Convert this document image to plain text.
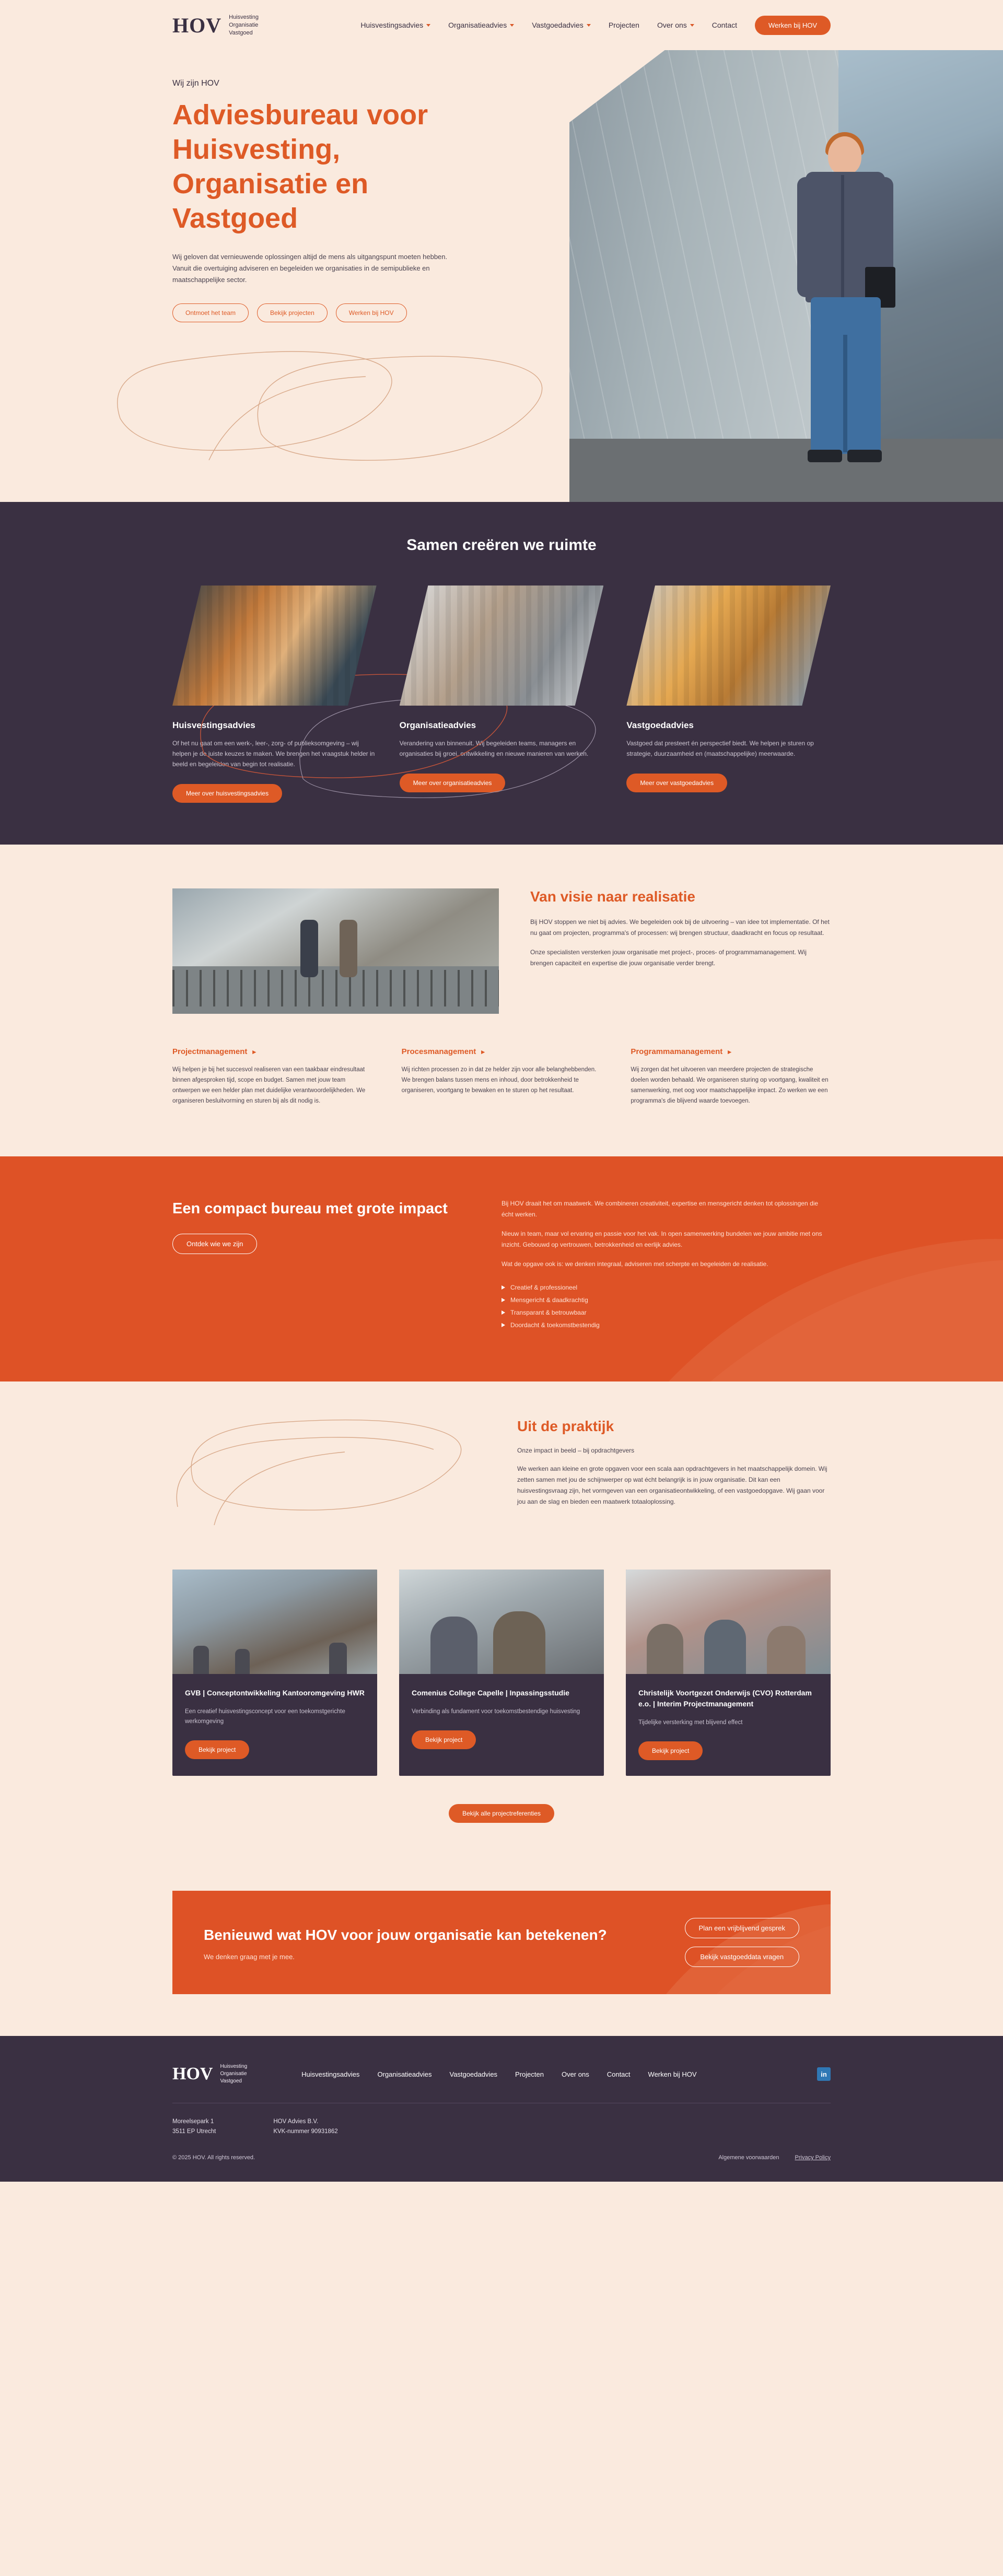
HOV Huisvesting
Organisatie
Vastgoed
Huisvestingsadvies	Organisatieadvies	Vastgoedadvies	Projecten Over ons	Contact	Werken bij HOV
Wij zijn HOV
Adviesbureau voor Huisvesting, Organisatie en Vastgoed

Wij geloven dat vernieuwende oplossingen altijd de mens als uitgangspunt moeten hebben. Vanuit die overtuiging adviseren en begeleiden we organisaties in de semipublieke en maatschappelijke sector.

Ontmoet het team	Bekijk projecten	Werken bij HOV
Samen creëren we ruimte
Huisvestingsadvies

Of het nu gaat om een werk-, leer-, zorg- of publieksomgeving – wij helpen je de juiste keuzes te maken. We brengen het vraagstuk helder in beeld en begeleiden van begin tot realisatie.

Meer over huisvestingsadvies
Organisatieadvies

Verandering van binnenuit. Wij begeleiden teams, managers en organisaties bij groei, ontwikkeling en nieuwe manieren van werken.

Meer over organisatieadvies
Vastgoedadvies

Vastgoed dat presteert én perspectief biedt. We helpen je sturen op strategie, duurzaamheid en (maatschappelijke) meerwaarde.

Meer over vastgoedadvies
Van visie naar realisatie

Bij HOV stoppen we niet bij advies. We begeleiden ook bij de uitvoering – van idee tot implementatie. Of het nu gaat om projecten, programma's of processen: wij brengen structuur, daadkracht en focus op resultaat.

Onze specialisten versterken jouw organisatie met project-, proces- of programmamanagement. Wij brengen capaciteit en expertise die jouw organisatie verder brengt.

Projectmanagement ▸

Wij helpen je bij het succesvol realiseren van een taakbaar eindresultaat binnen afgesproken tijd, scope en budget. Samen met jouw team ontwerpen we een helder plan met duidelijke verantwoordelijkheden. We organiseren besluitvorming en sturen bij als dit nodig is.

Procesmanagement ▸

Wij richten processen zo in dat ze helder zijn voor alle belanghebbenden. We brengen balans tussen mens en inhoud, door betrokkenheid te organiseren, voortgang te bewaken en te sturen op het resultaat.

Programmamanagement ▸

Wij zorgen dat het uitvoeren van meerdere projecten de strategische doelen worden behaald. We organiseren sturing op voortgang, kwaliteit en samenwerking, met oog voor maatschappelijke impact. Zo werken we een programma's die blijvend waarde toevoegen.

Een compact bureau met grote impact
Ontdek wie we zijn

Bij HOV draait het om maatwerk. We combineren creativiteit, expertise en mensgericht denken tot oplossingen die écht werken.

Nieuw in team, maar vol ervaring en passie voor het vak. In open samenwerking bundelen we jouw ambitie met ons inzicht. Gebouwd op vertrouwen, betrokkenheid en eerlijk advies.

Wat de opgave ook is: we denken integraal, adviseren met scherpte en begeleiden de realisatie.

Creatief & professioneel
Mensgericht & daadkrachtig
Transparant & betrouwbaar
Doordacht & toekomstbestendig
Uit de praktijk

Onze impact in beeld – bij opdrachtgevers

We werken aan kleine en grote opgaven voor een scala aan opdrachtgevers in het maatschappelijk domein. Wij zetten samen met jou de schijnwerper op wat écht belangrijk is in jouw organisatie. Dit kan een huisvestingsvraag zijn, het vormgeven van een organisatieontwikkeling, of een vastgoedopgave. Wij gaan voor jou aan de slag en bieden een maatwerk totaaloplossing.

GVB | Conceptontwikkeling Kantooromgeving HWR

Een creatief huisvestingsconcept voor een toekomstgerichte werkomgeving

Bekijk project
Comenius College Capelle | Inpassingsstudie

Verbinding als fundament voor toekomstbestendige huisvesting

Bekijk project
Christelijk Voortgezet Onderwijs (CVO) Rotterdam e.o. | Interim Projectmanagement

Tijdelijke versterking met blijvend effect

Bekijk project
Bekijk alle projectreferenties
Benieuwd wat HOV voor jouw organisatie kan betekenen?

We denken graag met je mee.

Plan een vrijblijvend gesprek
Bekijk vastgoeddata vragen
HOV Huisvesting
Organisatie
Vastgoed
Huisvestingsadvies	Organisatieadvies	Vastgoedadvies	Projecten	Over ons	Contact	Werken bij HOV	in
Moreelsepark 1
3511 EP Utrecht
HOV Advies B.V.
KVK-nummer 90931862
© 2025 HOV. All rights reserved.	Algemene voorwaarden	Privacy Policy
